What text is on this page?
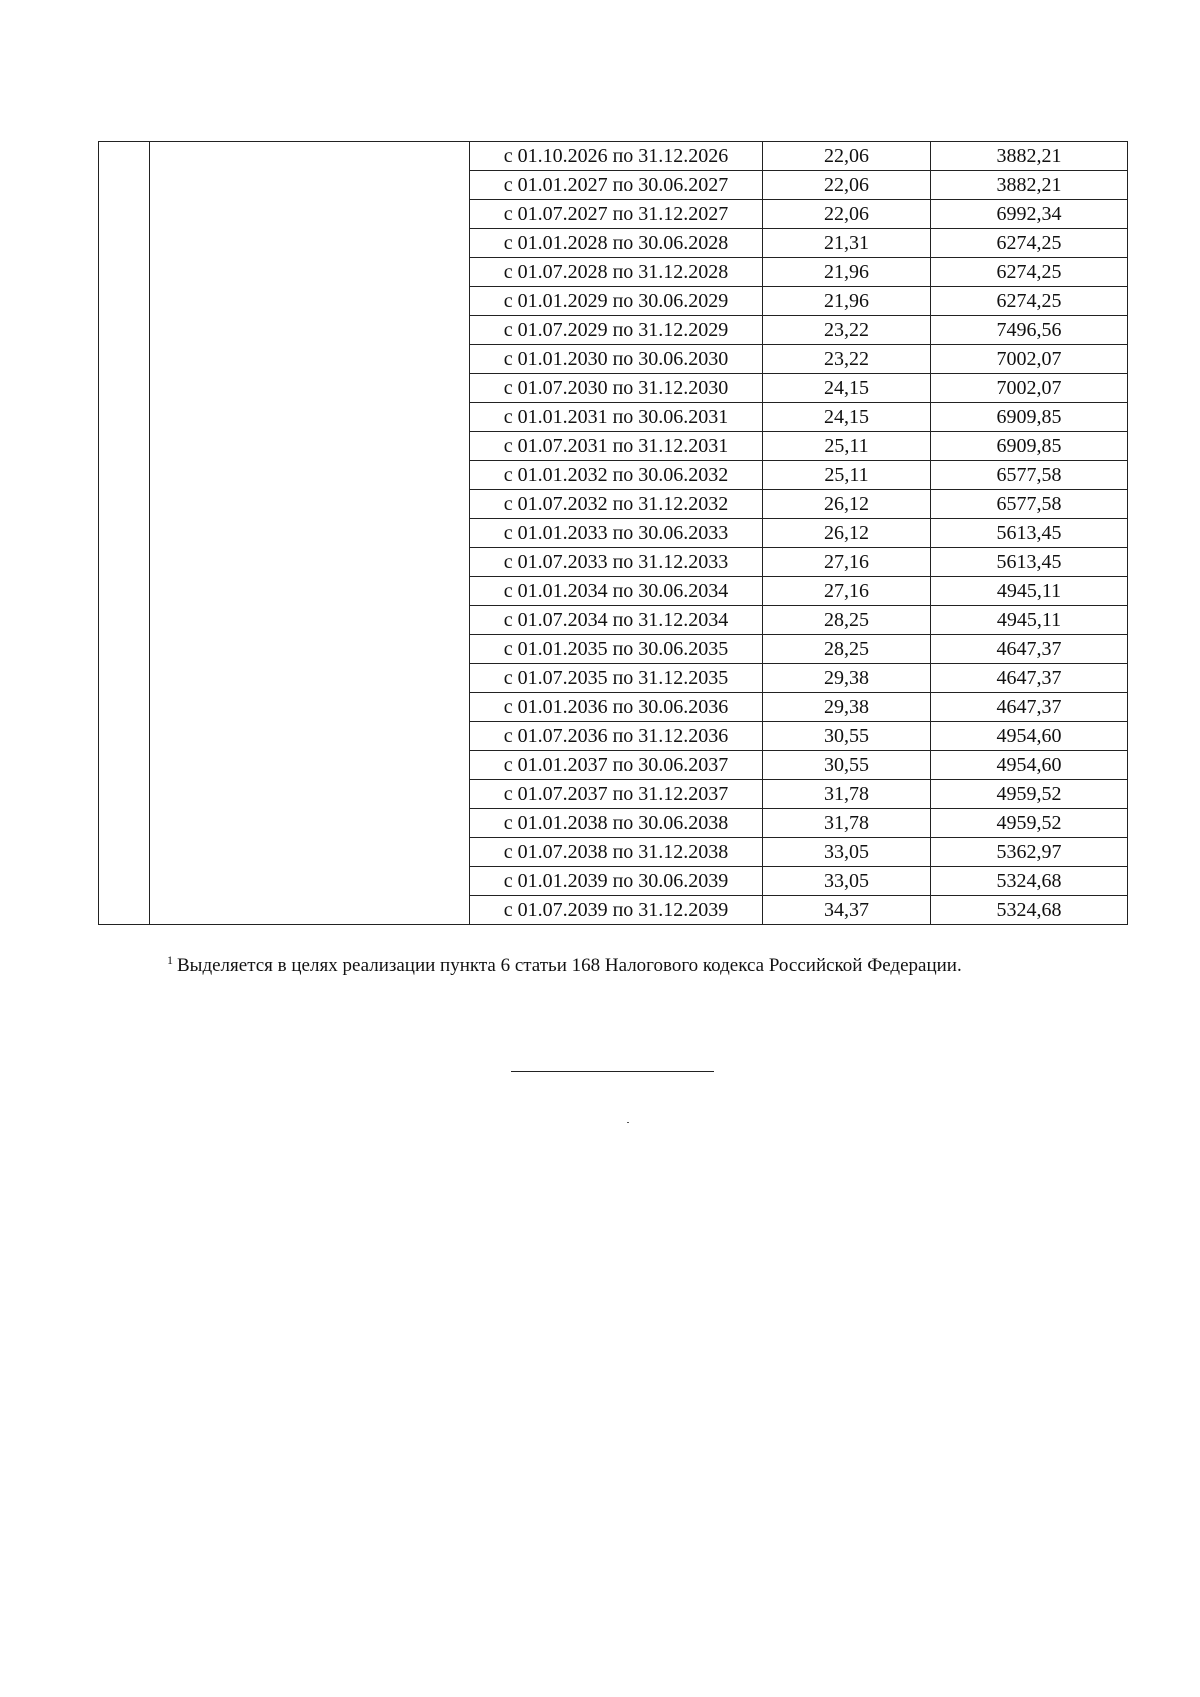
		с 01.10.2026 по 31.12.2026	22,06	3882,21
		с 01.01.2027 по 30.06.2027	22,06	3882,21
		с 01.07.2027 по 31.12.2027	22,06	6992,34
		с 01.01.2028 по 30.06.2028	21,31	6274,25
		с 01.07.2028 по 31.12.2028	21,96	6274,25
		с 01.01.2029 по 30.06.2029	21,96	6274,25
		с 01.07.2029 по 31.12.2029	23,22	7496,56
		с 01.01.2030 по 30.06.2030	23,22	7002,07
		с 01.07.2030 по 31.12.2030	24,15	7002,07
		с 01.01.2031 по 30.06.2031	24,15	6909,85
		с 01.07.2031 по 31.12.2031	25,11	6909,85
		с 01.01.2032 по 30.06.2032	25,11	6577,58
		с 01.07.2032 по 31.12.2032	26,12	6577,58
		с 01.01.2033 по 30.06.2033	26,12	5613,45
		с 01.07.2033 по 31.12.2033	27,16	5613,45
		с 01.01.2034 по 30.06.2034	27,16	4945,11
		с 01.07.2034 по 31.12.2034	28,25	4945,11
		с 01.01.2035 по 30.06.2035	28,25	4647,37
		с 01.07.2035 по 31.12.2035	29,38	4647,37
		с 01.01.2036 по 30.06.2036	29,38	4647,37
		с 01.07.2036 по 31.12.2036	30,55	4954,60
		с 01.01.2037 по 30.06.2037	30,55	4954,60
		с 01.07.2037 по 31.12.2037	31,78	4959,52
		с 01.01.2038 по 30.06.2038	31,78	4959,52
		с 01.07.2038 по 31.12.2038	33,05	5362,97
		с 01.01.2039 по 30.06.2039	33,05	5324,68
		с 01.07.2039 по 31.12.2039	34,37	5324,68
$^1$ Выделяется в целях реализации пункта 6 статьи 168 Налогового кодекса Российской Федерации.
